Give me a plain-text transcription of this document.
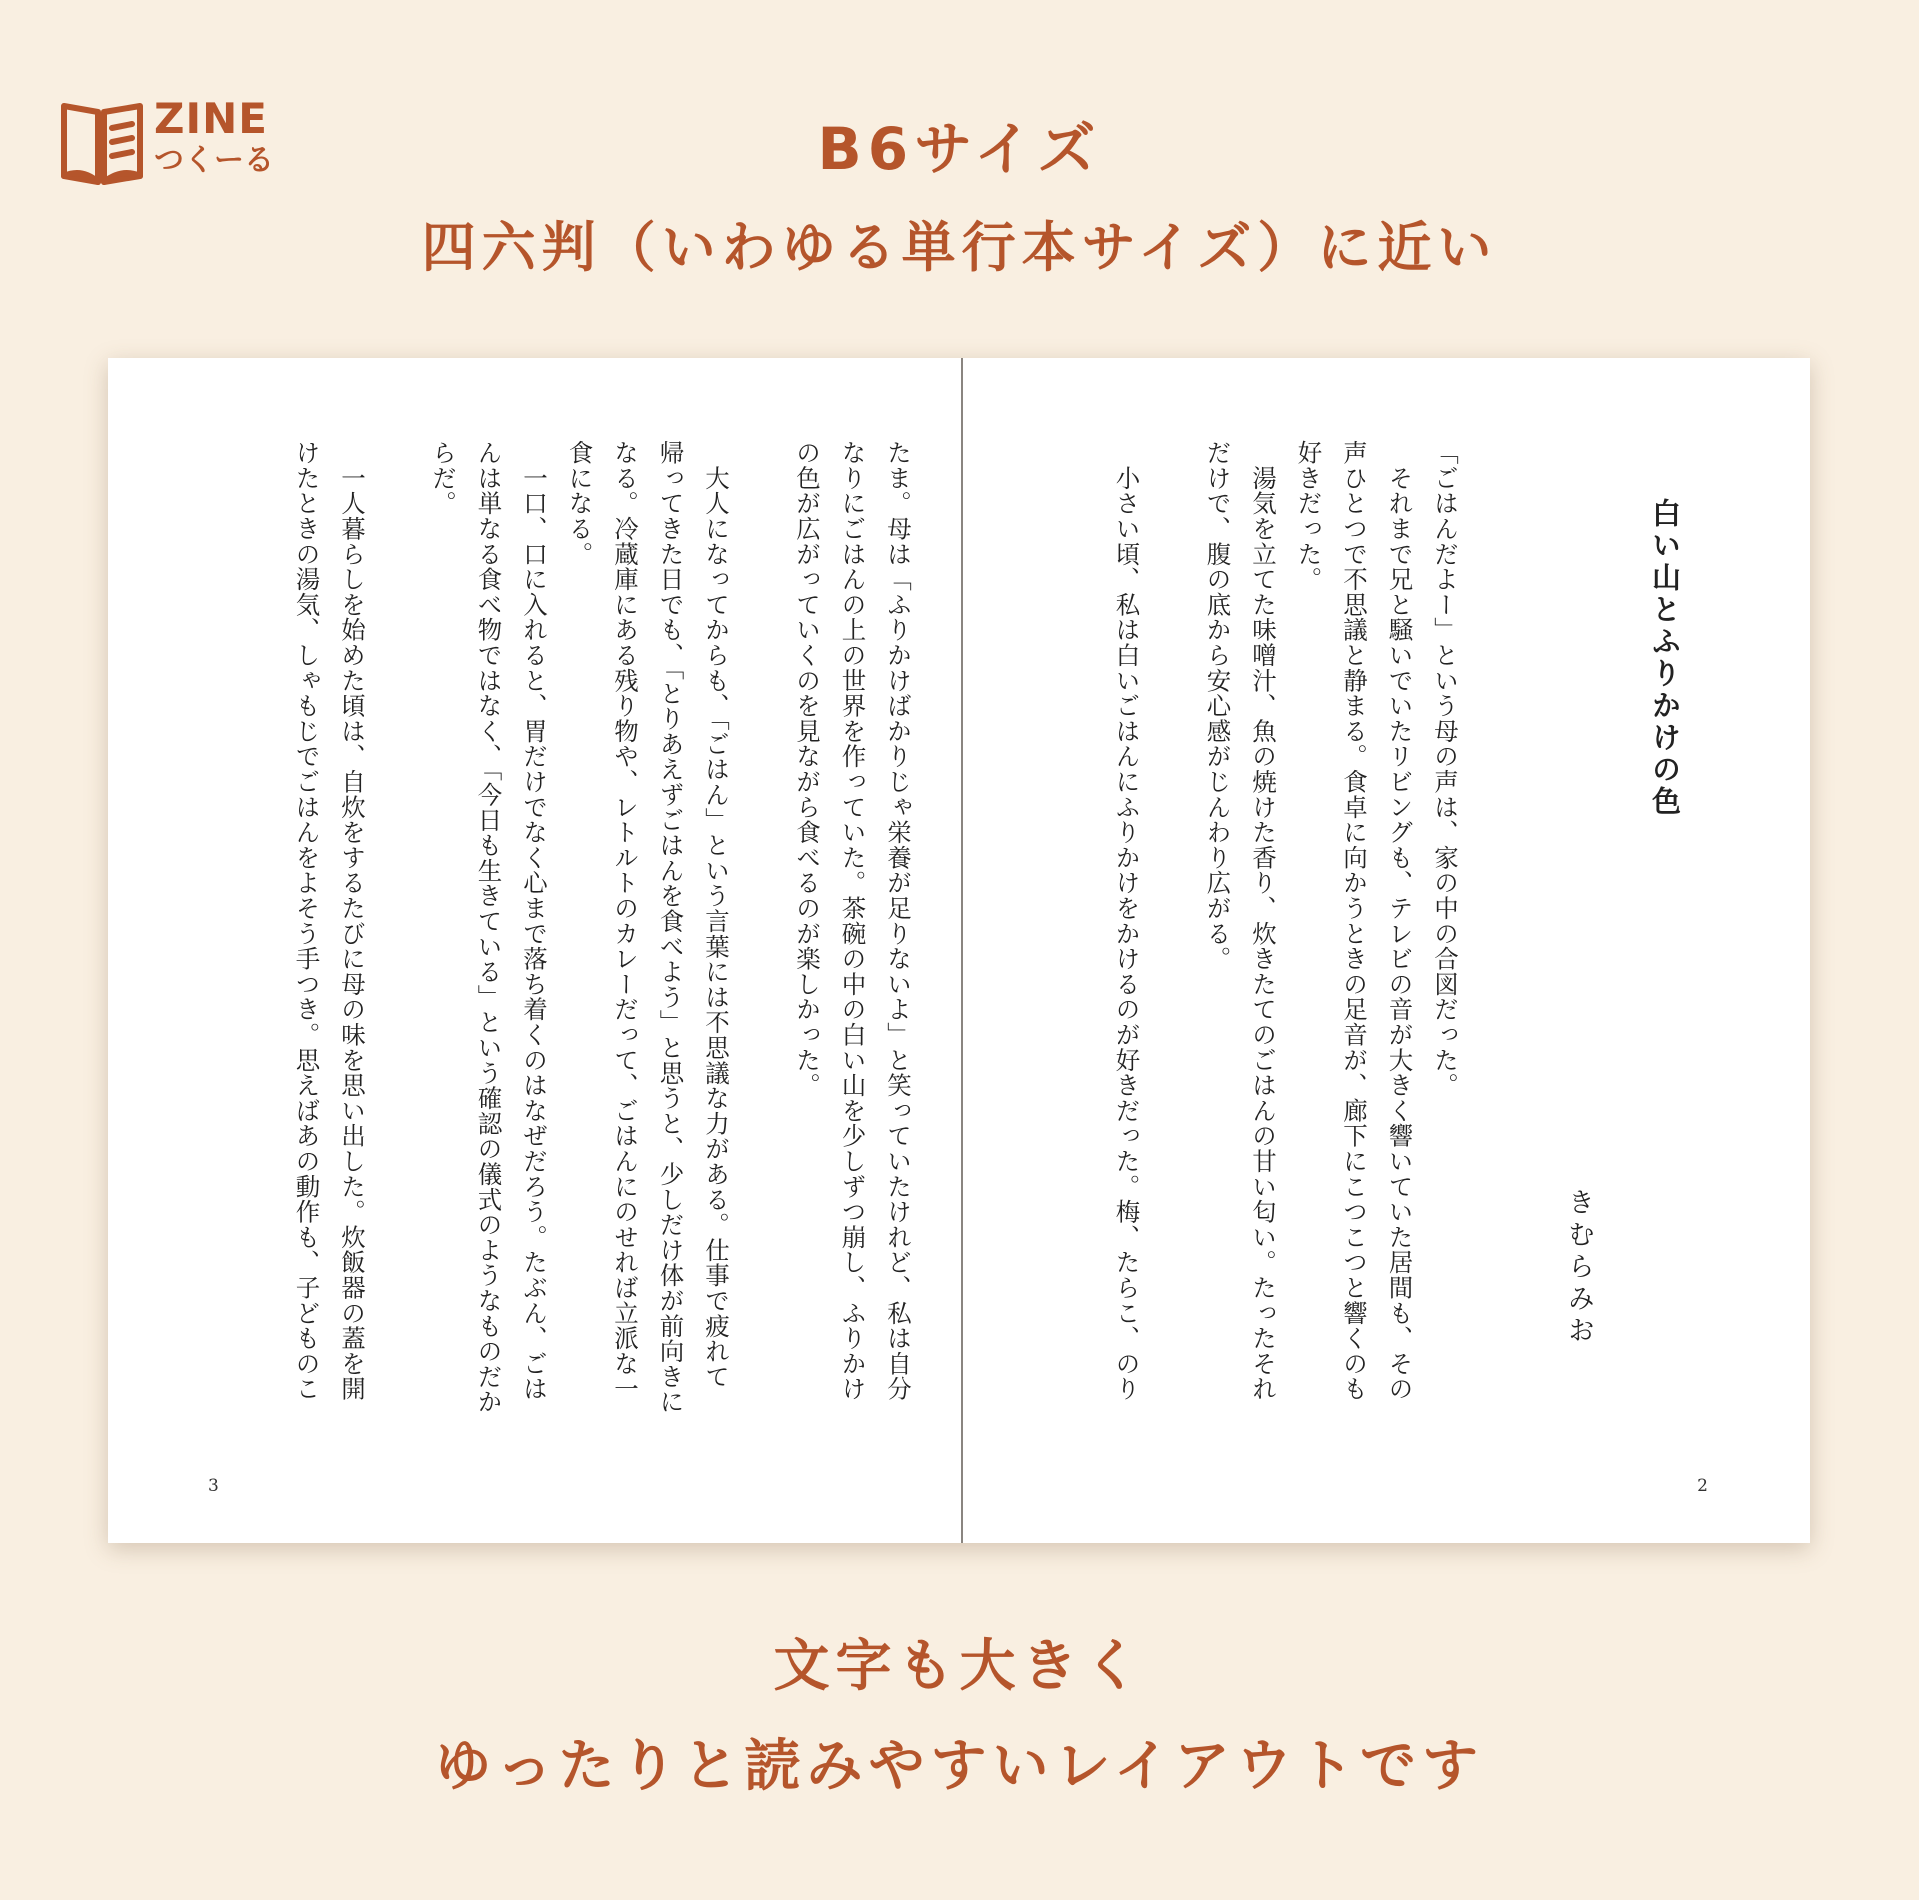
ZINE
つくーる	B6サイズ
四六判（いわゆる単行本サイズ）に近い
たま。母は「ふりかけばかりじゃ栄養が足りないよ」と笑っていたけれど、私は自分
なりにごはんの上の世界を作っていた。茶碗の中の白い山を少しずつ崩し、ふりかけ
の色が広がっていくのを見ながら食べるのが楽しかった。
　大人になってからも、「ごはん」という言葉には不思議な力がある。仕事で疲れて
帰ってきた日でも、「とりあえずごはんを食べよう」と思うと、少しだけ体が前向きに
なる。冷蔵庫にある残り物や、レトルトのカレーだって、ごはんにのせれば立派な一
食になる。
　一口、口に入れると、胃だけでなく心まで落ち着くのはなぜだろう。たぶん、ごは
んは単なる食べ物ではなく、「今日も生きている」という確認の儀式のようなものだか
らだ。
　一人暮らしを始めた頃は、自炊をするたびに母の味を思い出した。炊飯器の蓋を開
けたときの湯気、しゃもじでごはんをよそう手つき。思えばあの動作も、子どものこ
3
白い山とふりかけの色
きむらみお
「ごはんだよー」という母の声は、家の中の合図だった。
　それまで兄と騒いでいたリビングも、テレビの音が大きく響いていた居間も、その
声ひとつで不思議と静まる。食卓に向かうときの足音が、廊下にこつこつと響くのも
好きだった。
　湯気を立てた味噌汁、魚の焼けた香り、炊きたてのごはんの甘い匂い。たったそれ
だけで、腹の底から安心感がじんわり広がる。
　小さい頃、私は白いごはんにふりかけをかけるのが好きだった。梅、たらこ、のり
2
文字も大きく
ゆったりと読みやすいレイアウトです
